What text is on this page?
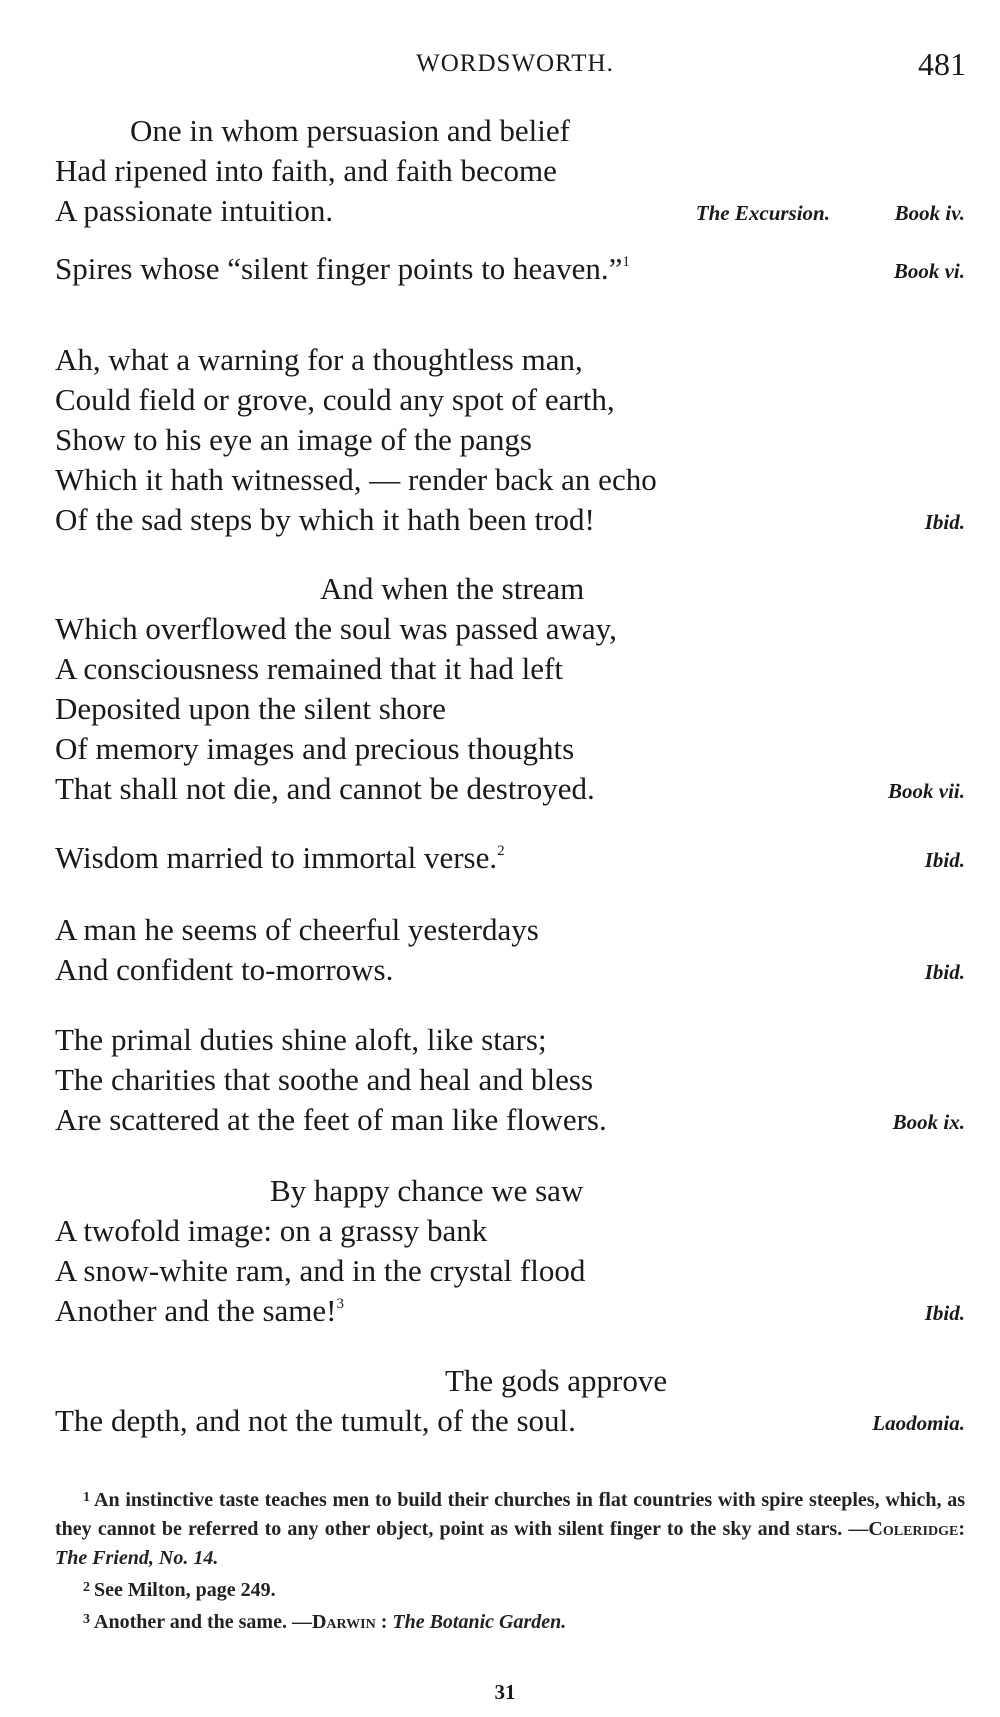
WORDSWORTH.	481
One in whom persuasion and belief
Had ripened into faith, and faith become
A passionate intuition.	The Excursion.	Book iv.
Spires whose “silent finger points to heaven.”$^1$	Book vi.
Ah, what a warning for a thoughtless man,
Could field or grove, could any spot of earth,
Show to his eye an image of the pangs
Which it hath witnessed, — render back an echo
Of the sad steps by which it hath been trod!	Ibid.
And when the stream
Which overflowed the soul was passed away,
A consciousness remained that it had left
Deposited upon the silent shore
Of memory images and precious thoughts
That shall not die, and cannot be destroyed.	Book vii.
Wisdom married to immortal verse.$^2$	Ibid.
A man he seems of cheerful yesterdays
And confident to-morrows.	Ibid.
The primal duties shine aloft, like stars;
The charities that soothe and heal and bless
Are scattered at the feet of man like flowers.	Book ix.
By happy chance we saw
A twofold image: on a grassy bank
A snow-white ram, and in the crystal flood
Another and the same!$^3$	Ibid.
The gods approve
The depth, and not the tumult, of the soul.	Laodomia.

$^1$ An instinctive taste teaches men to build their churches in flat countries with spire steeples, which, as they cannot be referred to any other object, point as with silent finger to the sky and stars. —Coleridge: The Friend, No. 14.

$^2$ See Milton, page 249.

$^3$ Another and the same. —Darwin : The Botanic Garden.

31
